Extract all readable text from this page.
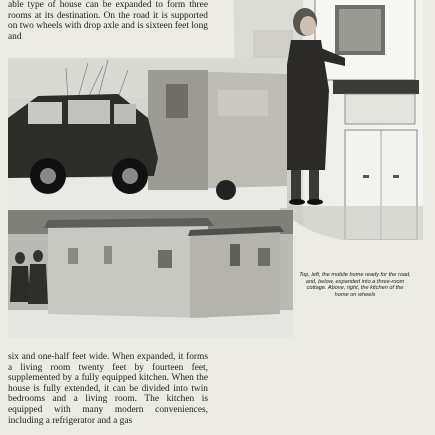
able type of house can be expanded to form three rooms at its destination. On the road it is supported on two wheels with drop axle and is sixteen feet long and

Top, left, the mobile home ready for the road, and, below, expanded into a three-room cottage. Above, right, the kitchen of the home on wheels

six and one-half feet wide. When expanded, it forms a living room twenty feet by fourteen feet, supplemented by a fully equipped kitchen. When the house is fully extended, it can be divided into twin bedrooms and a living room. The kitchen is equipped with many modern conveniences, including a refrigerator and a gas
